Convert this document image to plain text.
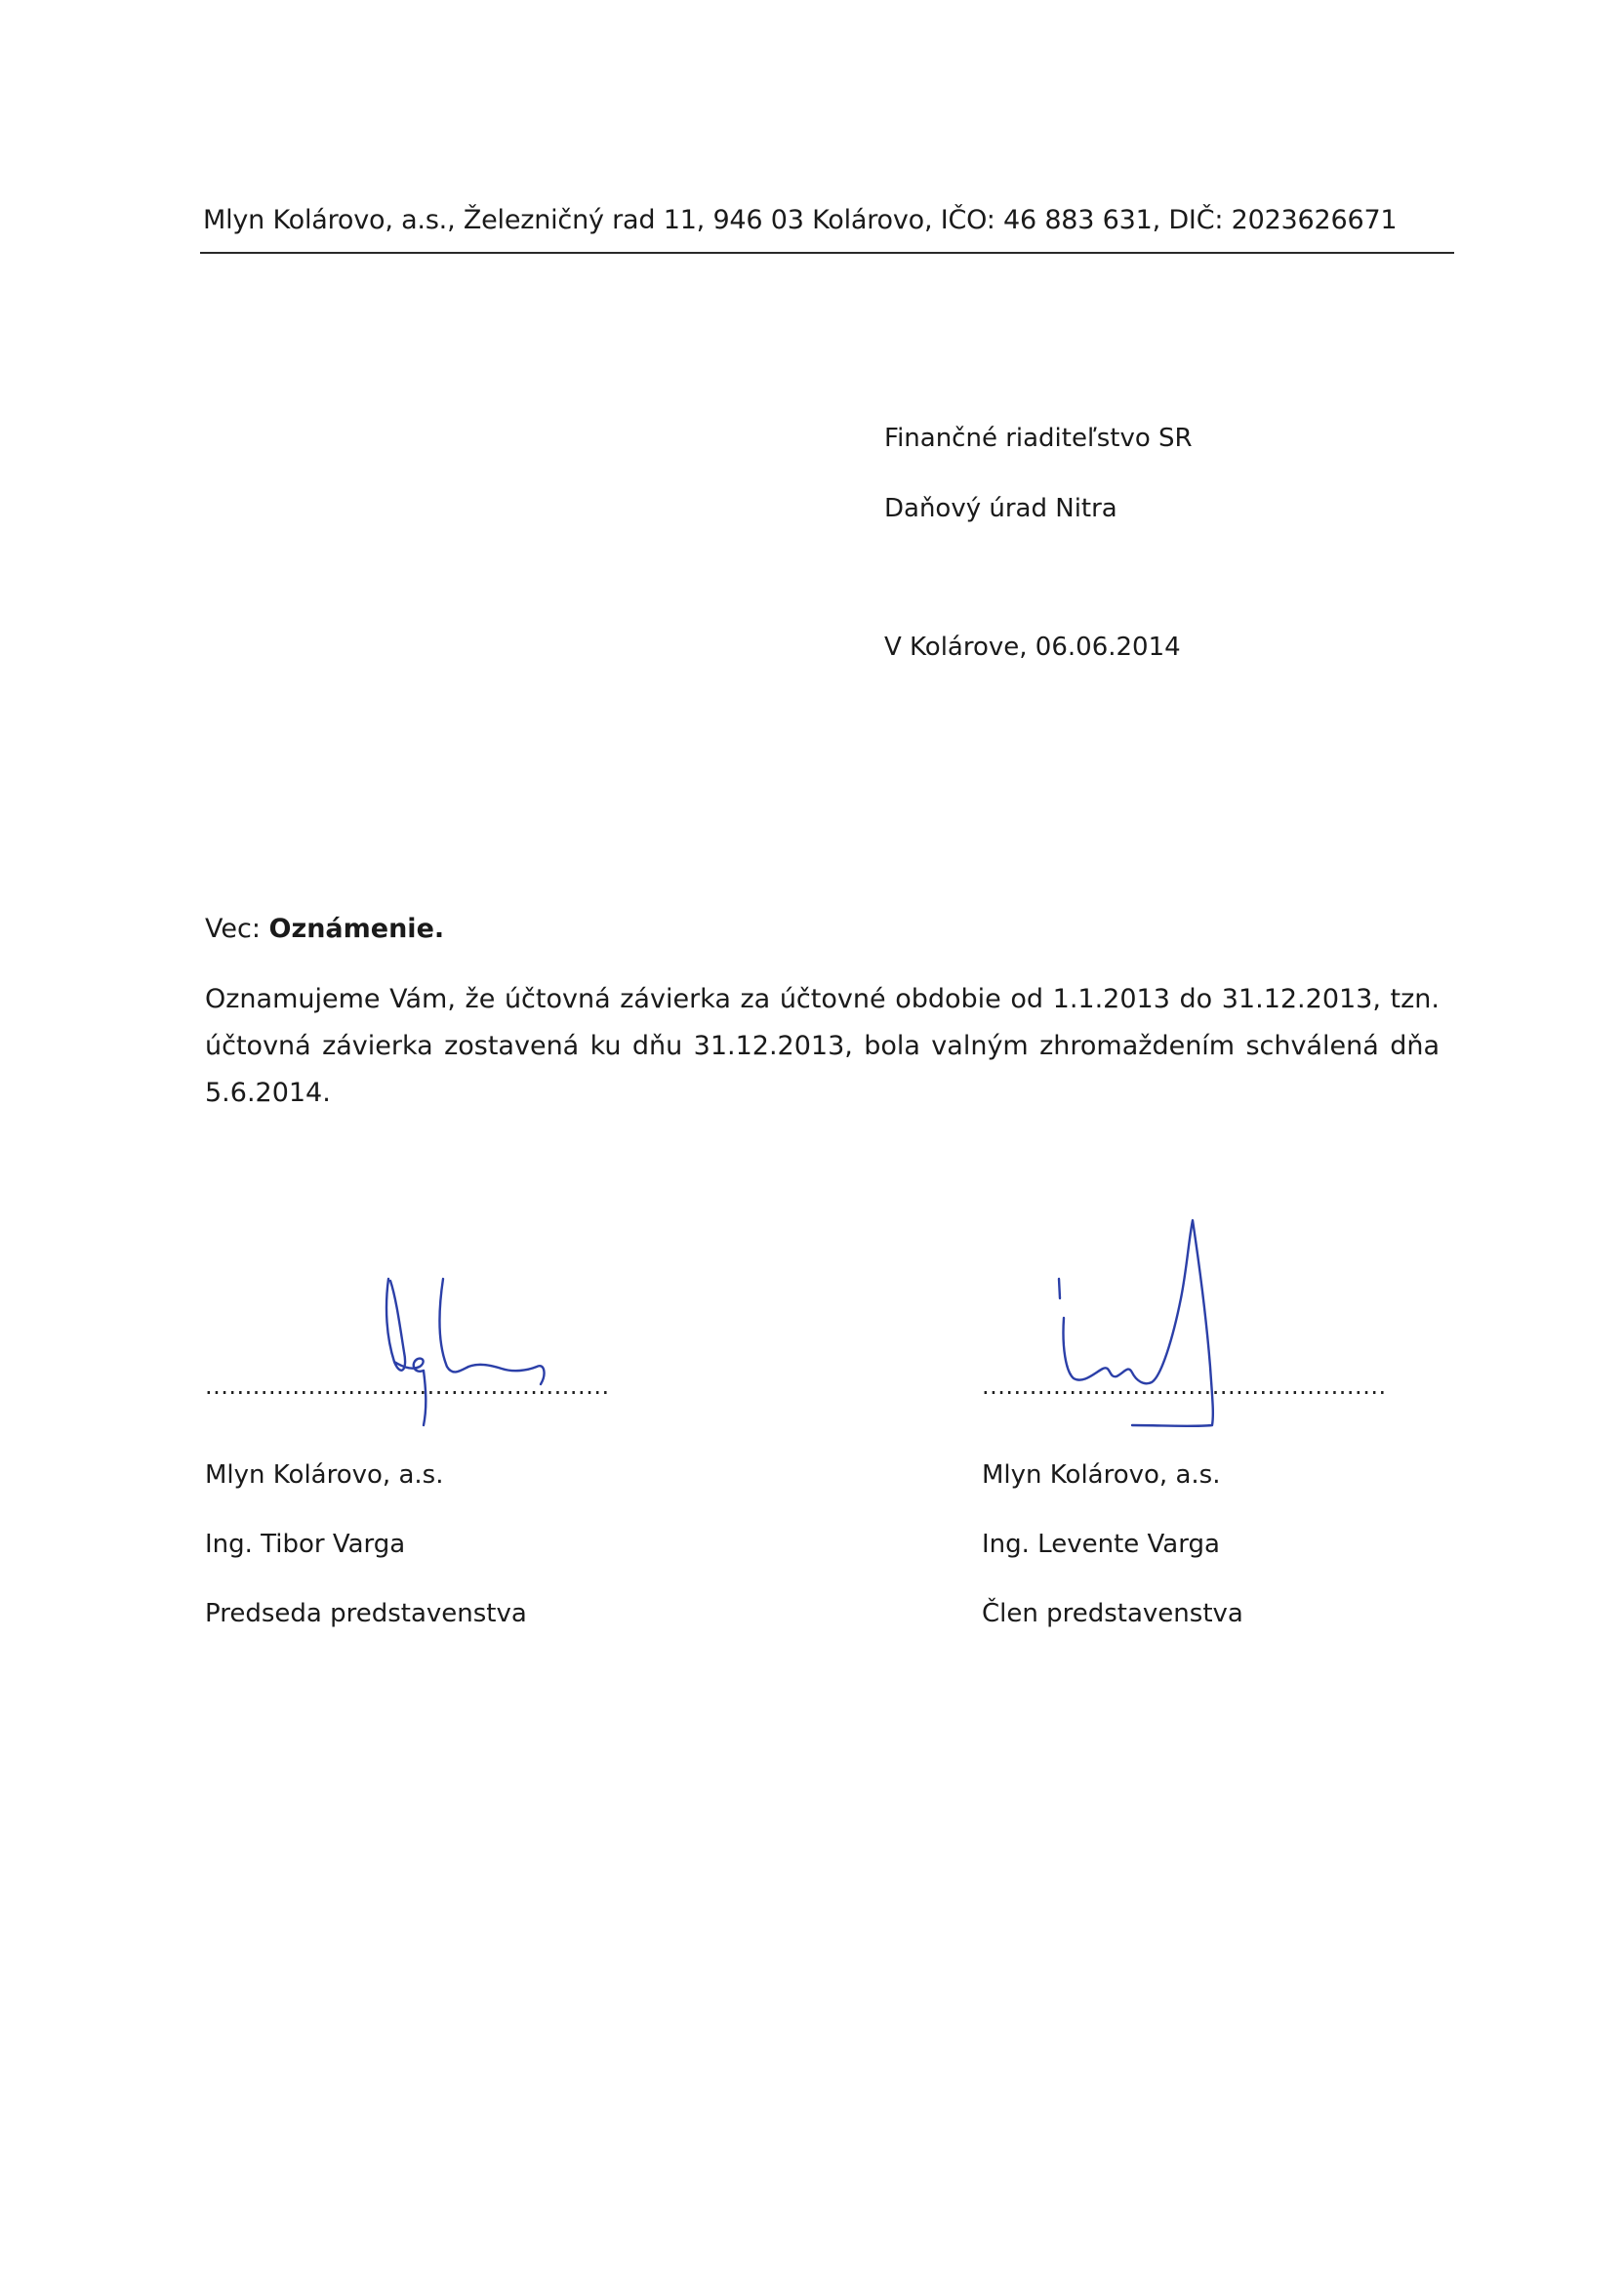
Mlyn Kolárovo, a.s., Železničný rad 11, 946 03 Kolárovo, IČO: 46 883 631, DIČ: 2023626671
Finančné riaditeľstvo SR
Daňový úrad Nitra
V Kolárove, 06.06.2014
Vec: Oznámenie.
Oznamujeme Vám, že účtovná závierka za účtovné obdobie od 1.1.2013 do 31.12.2013, tzn. účtovná závierka zostavená ku dňu 31.12.2013, bola valným zhromaždením schválená dňa 5.6.2014.
...................................................
Mlyn Kolárovo, a.s.
Ing. Tibor Varga
Predseda predstavenstva
...................................................
Mlyn Kolárovo, a.s.
Ing. Levente Varga
Člen predstavenstva
